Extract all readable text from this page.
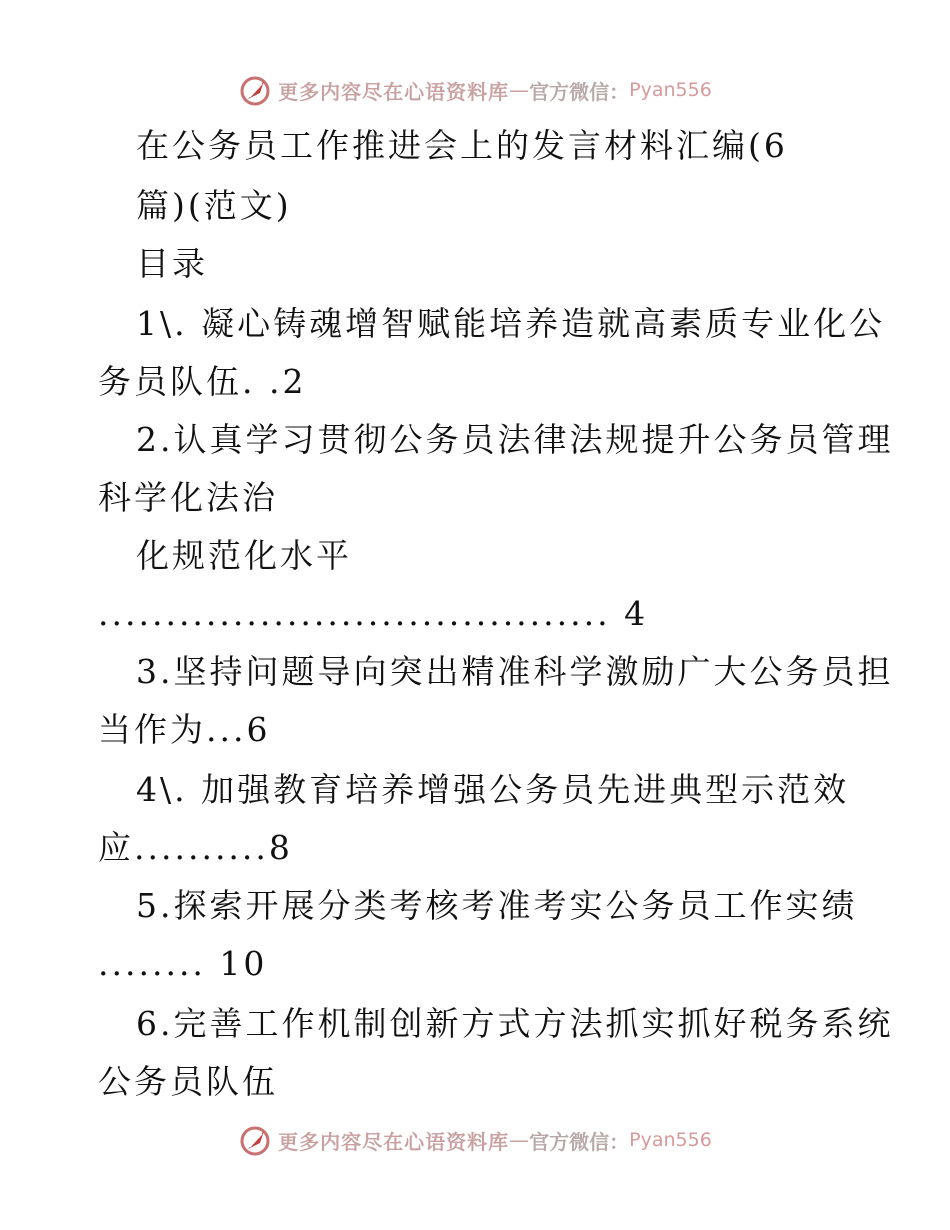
更多内容尽在心语资料库 — 官方微信： Pyan556
在公务员工作推进会上的发言材料汇编(6
篇)(范文)
目录
1\. 凝心铸魂增智赋能培养造就高素质专业化公
务员队伍. .2
2.认真学习贯彻公务员法律法规提升公务员管理
科学化法治
化规范化水平
...................................... 4
3.坚持问题导向突出精准科学激励广大公务员担
当作为...6
4\. 加强教育培养增强公务员先进典型示范效
应..........8
5.探索开展分类考核考准考实公务员工作实绩
........ 10
6.完善工作机制创新方式方法抓实抓好税务系统
公务员队伍
更多内容尽在心语资料库 — 官方微信： Pyan556
